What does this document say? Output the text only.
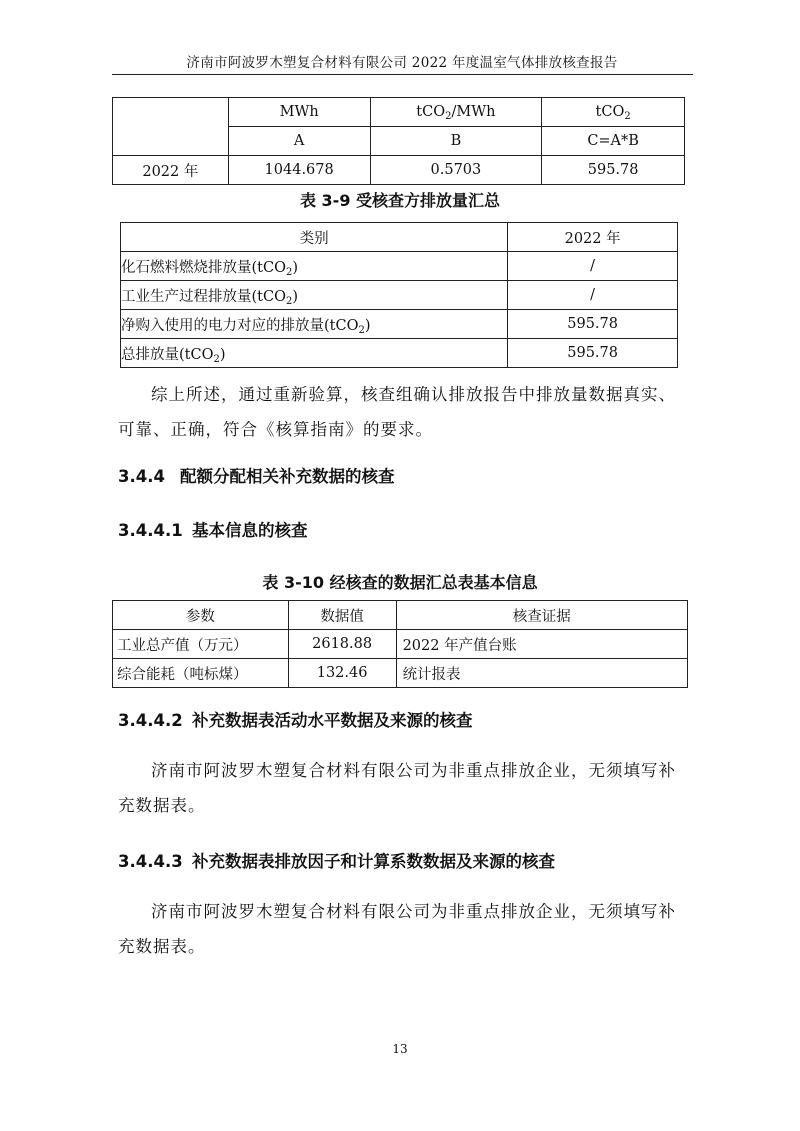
济南市阿波罗木塑复合材料有限公司 2022 年度温室气体排放核查报告
	MWh	tCO$_2$/MWh	tCO$_2$
	A	B	C=A*B
2022 年	1044.678	0.5703	595.78
表 3-9 受核查方排放量汇总
类别	2022 年
化石燃料燃烧排放量(tCO$_2$)	/
工业生产过程排放量(tCO$_2$)	/
净购入使用的电力对应的排放量(tCO$_2$)	595.78
总排放量(tCO$_2$)	595.78
综上所述，通过重新验算，核查组确认排放报告中排放量数据真实、可靠、正确，符合《核算指南》的要求。
3.4.4 配额分配相关补充数据的核查
3.4.4.1 基本信息的核查
表 3-10 经核查的数据汇总表基本信息
参数	数据值	核查证据
工业总产值（万元）	2618.88	2022 年产值台账
综合能耗（吨标煤）	132.46	统计报表
3.4.4.2 补充数据表活动水平数据及来源的核查
济南市阿波罗木塑复合材料有限公司为非重点排放企业，无须填写补充数据表。
3.4.4.3 补充数据表排放因子和计算系数数据及来源的核查
济南市阿波罗木塑复合材料有限公司为非重点排放企业，无须填写补充数据表。
13
